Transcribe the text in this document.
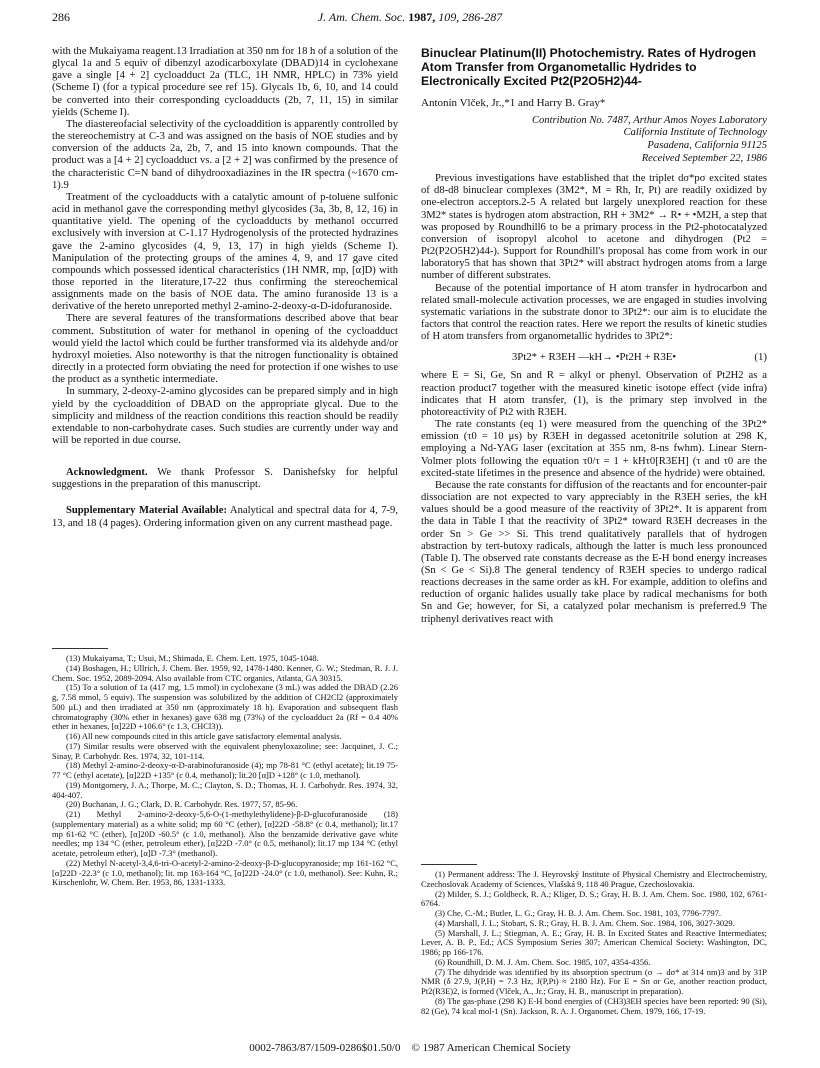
286	J. Am. Chem. Soc. 1987, 109, 286-287

with the Mukaiyama reagent.13 Irradiation at 350 nm for 18 h of a solution of the glycal 1a and 5 equiv of dibenzyl azodicarboxylate (DBAD)14 in cyclohexane gave a single [4 + 2] cycloadduct 2a (TLC, 1H NMR, HPLC) in 73% yield (Scheme I) (for a typical procedure see ref 15). Glycals 1b, 6, 10, and 14 could be converted into their corresponding cycloadducts (2b, 7, 11, 15) in similar yields (Scheme I).

The diastereofacial selectivity of the cycloaddition is apparently controlled by the stereochemistry at C-3 and was assigned on the basis of NOE studies and by conversion of the adducts 2a, 2b, 7, and 15 into known compounds. That the product was a [4 + 2] cycloadduct vs. a [2 + 2] was confirmed by the presence of the characteristic C=N band of dihydrooxadiazines in the IR spectra (~1670 cm-1).9

Treatment of the cycloadducts with a catalytic amount of p-toluene sulfonic acid in methanol gave the corresponding methyl glycosides (3a, 3b, 8, 12, 16) in quantitative yield. The opening of the cycloadducts by methanol occurred exclusively with inversion at C-1.17 Hydrogenolysis of the protected hydrazines gave the 2-amino glycosides (4, 9, 13, 17) in high yields (Scheme I). Manipulation of the protecting groups of the amines 4, 9, and 17 gave cited compounds which possessed identical characteristics (1H NMR, mp, [α]D) with those reported in the literature,17-22 thus confirming the stereochemical assignments made on the basis of NOE data. The amino furanoside 13 is a derivative of the hereto unreported methyl 2-amino-2-deoxy-α-D-idofuranoside.

There are several features of the transformations described above that bear comment. Substitution of water for methanol in opening of the cycloadduct would yield the lactol which could be further transformed via its aldehyde and/or hydroxyl moieties. Also noteworthy is that the nitrogen functionality is obtained directly in a protected form obviating the need for protection if one wishes to use the product as a synthetic intermediate.

In summary, 2-deoxy-2-amino glycosides can be prepared simply and in high yield by the cycloaddition of DBAD on the appropriate glycal. Due to the simplicity and mildness of the reaction conditions this reaction should be readily extendable to non-carbohydrate cases. Such studies are currently under way and will be reported in due course.

Acknowledgment. We thank Professor S. Danishefsky for helpful suggestions in the preparation of this manuscript.

Supplementary Material Available: Analytical and spectral data for 4, 7-9, 13, and 18 (4 pages). Ordering information given on any current masthead page.

(13) Mukaiyama, T.; Usui, M.; Shimada, E. Chem. Lett. 1975, 1045-1048.

(14) Boshagen, H.; Ullrich, J. Chem. Ber. 1959, 92, 1478-1480. Kenner, G. W.; Stedman, R. J. J. Chem. Soc. 1952, 2089-2094. Also available from CTC organics, Atlanta, GA 30315.

(15) To a solution of 1a (417 mg, 1.5 mmol) in cyclohexane (3 mL) was added the DBAD (2.26 g, 7.58 mmol, 5 equiv). The suspension was solubilized by the addition of CH2Cl2 (approximately 500 μL) and then irradiated at 350 nm (approximately 18 h). Evaporation and subsequent flash chromatography (30% ether in hexanes) gave 638 mg (73%) of the cycloadduct 2a (Rf = 0.4 40% ether in hexanes, [α]22D +106.6° (c 1.3, CHCl3)).

(16) All new compounds cited in this article gave satisfactory elemental analysis.

(17) Similar results were observed with the equivalent phenyloxazoline; see: Jacquinet, J. C.; Sinay, P. Carbohydr. Res. 1974, 32, 101-114.

(18) Methyl 2-amino-2-deoxy-α-D-arabinofuranoside (4); mp 78-81 °C (ethyl acetate); lit.19 75-77 °C (ethyl acetate), [α]22D +135° (c 0.4, methanol); lit.20 [α]D +128° (c 1.0, methanol).

(19) Montgomery, J. A.; Thorpe, M. C.; Clayton, S. D.; Thomas, H. J. Carbohydr. Res. 1974, 32, 404-407.

(20) Buchanan, J. G.; Clark, D. R. Carbohydr. Res. 1977, 57, 85-96.

(21) Methyl 2-amino-2-deoxy-5,6-O-(1-methylethylidene)-β-D-glucofuranoside (18) (supplementary material) as a white solid; mp 60 °C (ether), [α]22D -58.8° (c 0.4, methanol); lit.17 mp 61-62 °C (ether), [α]20D -60.5° (c 1.0, methanol). Also the benzamide derivative gave white needles; mp 134 °C (ether, petroleum ether), [α]22D -7.0° (c 0.5, methanol); lit.17 mp 134 °C (ethyl acetate, petroleum ether), [α]D -7.3° (methanol).

(22) Methyl N-acetyl-3,4,6-tri-O-acetyl-2-amino-2-deoxy-β-D-glucopyranoside; mp 161-162 °C, [α]22D -22.3° (c 1.0, methanol); lit. mp 163-164 °C, [α]22D -24.0° (c 1.0, methanol). See: Kuhn, R.; Kirschenlohr, W. Chem. Ber. 1953, 86, 1331-1333.

Binuclear Platinum(II) Photochemistry. Rates of Hydrogen Atom Transfer from Organometallic Hydrides to Electronically Excited Pt2(P2O5H2)44-
Antonín Vlček, Jr.,*1 and Harry B. Gray*
Contribution No. 7487, Arthur Amos Noyes Laboratory
California Institute of Technology
Pasadena, California 91125
Received September 22, 1986

Previous investigations have established that the triplet dσ*pσ excited states of d8-d8 binuclear complexes (3M2*, M = Rh, Ir, Pt) are readily oxidized by one-electron acceptors.2-5 A related but largely unexplored reaction for these 3M2* states is hydrogen atom abstraction, RH + 3M2* → R• + •M2H, a step that was proposed by Roundhill6 to be a primary process in the Pt2-photocatalyzed conversion of isopropyl alcohol to acetone and dihydrogen (Pt2 = Pt2(P2O5H2)44-). Support for Roundhill's proposal has come from work in our laboratory5 that has shown that 3Pt2* will abstract hydrogen atoms from a large number of different substrates.

Because of the potential importance of H atom transfer in hydrocarbon and related small-molecule activation processes, we are engaged in studies involving systematic variations in the substrate donor to 3Pt2*: our aim is to elucidate the factors that control the reaction rates. Here we report the results of kinetic studies of H atom transfers from organometallic hydrides to 3Pt2*:

3Pt2* + R3EH —kH→ •Pt2H + R3E•	(1)

where E = Si, Ge, Sn and R = alkyl or phenyl. Observation of Pt2H2 as a reaction product7 together with the measured kinetic isotope effect (vide infra) indicates that H atom transfer, (1), is the primary step involved in the photoreactivity of Pt2 with R3EH.

The rate constants (eq 1) were measured from the quenching of the 3Pt2* emission (τ0 = 10 μs) by R3EH in degassed acetonitrile solution at 298 K, employing a Nd-YAG laser (excitation at 355 nm, 8-ns fwhm). Linear Stern-Volmer plots following the equation τ0/τ = 1 + kHτ0[R3EH] (τ and τ0 are the excited-state lifetimes in the presence and absence of the hydride) were obtained.

Because the rate constants for diffusion of the reactants and for encounter-pair dissociation are not expected to vary appreciably in the R3EH series, the kH values should be a good measure of the reactivity of 3Pt2*. It is apparent from the data in Table I that the reactivity of 3Pt2* toward R3EH decreases in the order Sn > Ge >> Si. This trend qualitatively parallels that of hydrogen abstraction by tert-butoxy radicals, although the latter is much less pronounced (Table I). The observed rate constants decrease as the E-H bond energy increases (Sn < Ge < Si).8 The general tendency of R3EH species to undergo radical reactions decreases in the same order as kH. For example, addition to olefins and reduction of organic halides usually take place by radical mechanisms for both Sn and Ge; however, for Si, a catalyzed polar mechanism is preferred.9 The triphenyl derivatives react with

(1) Permanent address: The J. Heyrovský Institute of Physical Chemistry and Electrochemistry, Czechoslovak Academy of Sciences, Vlašská 9, 118 40 Prague, Czechoslovakia.

(2) Milder, S. J.; Goldbeck, R. A.; Kliger, D. S.; Gray, H. B. J. Am. Chem. Soc. 1980, 102, 6761-6764.

(3) Che, C.-M.; Butler, L. G.; Gray, H. B. J. Am. Chem. Soc. 1981, 103, 7796-7797.

(4) Marshall, J. L.; Stobart, S. R.; Gray, H. B. J. Am. Chem. Soc. 1984, 106, 3027-3029.

(5) Marshall, J. L.; Stiegman, A. E.; Gray, H. B. In Excited States and Reactive Intermediates; Lever, A. B. P., Ed.; ACS Symposium Series 307; American Chemical Society: Washington, DC, 1986; pp 166-176.

(6) Roundhill, D. M. J. Am. Chem. Soc. 1985, 107, 4354-4356.

(7) The dihydride was identified by its absorption spectrum (σ → dσ* at 314 nm)3 and by 31P NMR (δ 27.9, J(P,H) = 7.3 Hz, J(P,Pt) ≈ 2180 Hz). For E = Sn or Ge, another reaction product, Pt2(R3E)2, is formed (Vlček, A., Jr.; Gray, H. B., manuscript in preparation).

(8) The gas-phase (298 K) E-H bond energies of (CH3)3EH species have been reported: 90 (Si), 82 (Ge), 74 kcal mol-1 (Sn). Jackson, R. A. J. Organomet. Chem. 1979, 166, 17-19.

0002-7863/87/1509-0286$01.50/0 © 1987 American Chemical Society
